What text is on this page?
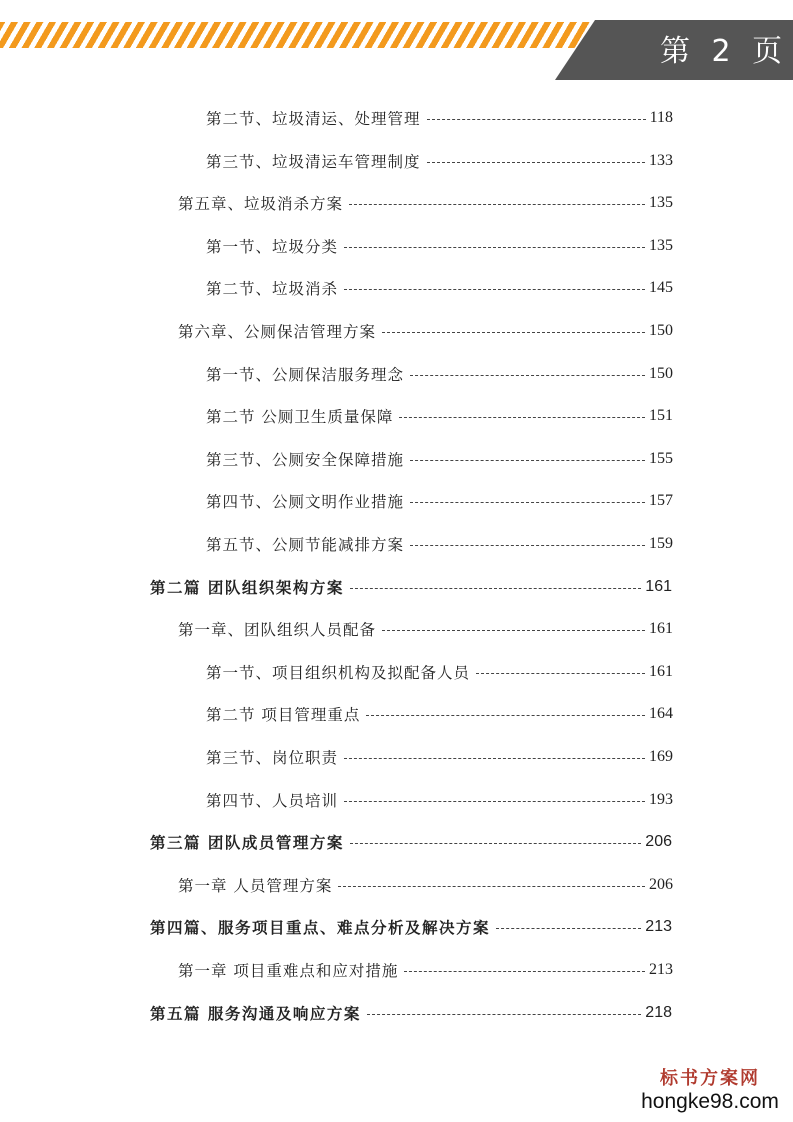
第 2 页
第二节、垃圾清运、处理管理	118
第三节、垃圾清运车管理制度	133
第五章、垃圾消杀方案	135
第一节、垃圾分类	135
第二节、垃圾消杀	145
第六章、公厕保洁管理方案	150
第一节、公厕保洁服务理念	150
第二节 公厕卫生质量保障	151
第三节、公厕安全保障措施	155
第四节、公厕文明作业措施	157
第五节、公厕节能减排方案	159
第二篇 团队组织架构方案	161
第一章、团队组织人员配备	161
第一节、项目组织机构及拟配备人员	161
第二节 项目管理重点	164
第三节、岗位职责	169
第四节、人员培训	193
第三篇 团队成员管理方案	206
第一章 人员管理方案	206
第四篇、服务项目重点、难点分析及解决方案	213
第一章 项目重难点和应对措施	213
第五篇 服务沟通及响应方案	218
标书方案网
hongke98.com
